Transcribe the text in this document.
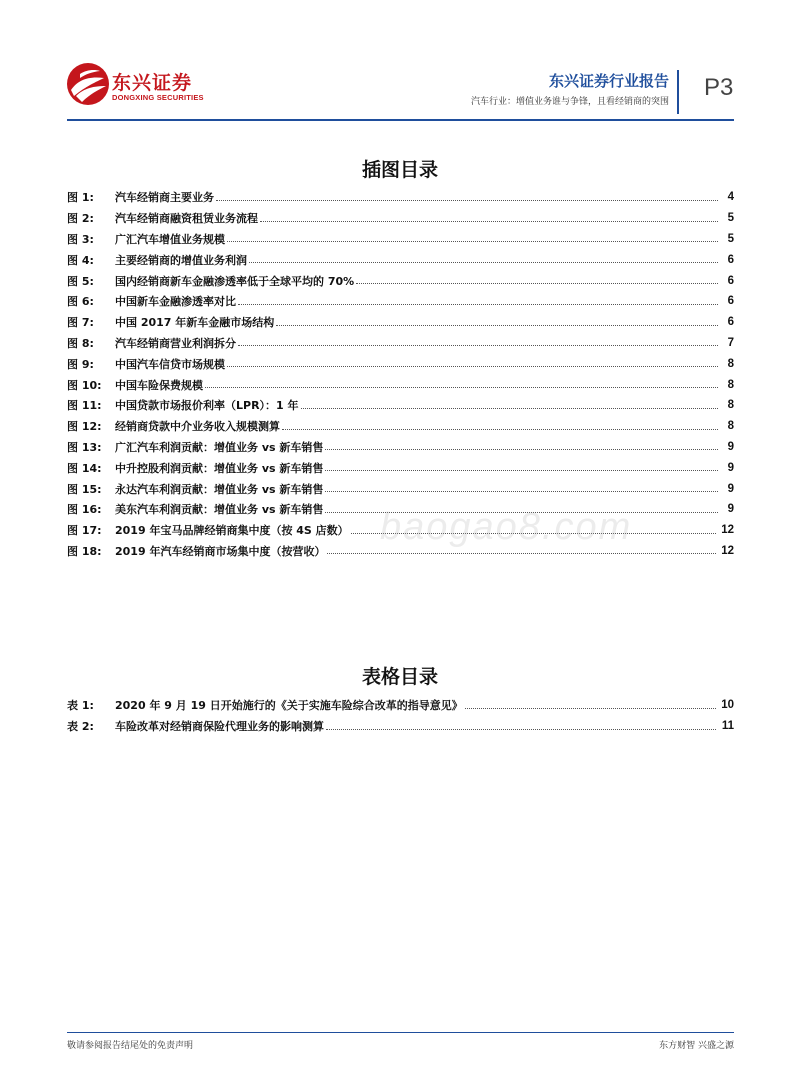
东兴证券
DONGXING SECURITIES
东兴证券行业报告
汽车行业：增值业务谁与争锋，且看经销商的突围
P3
插图目录
图 1:	汽车经销商主要业务	4
图 2:	汽车经销商融资租赁业务流程	5
图 3:	广汇汽车增值业务规模	5
图 4:	主要经销商的增值业务利润	6
图 5:	国内经销商新车金融渗透率低于全球平均的 70%	6
图 6:	中国新车金融渗透率对比	6
图 7:	中国 2017 年新车金融市场结构	6
图 8:	汽车经销商营业利润拆分	7
图 9:	中国汽车信贷市场规模	8
图 10:	中国车险保费规模	8
图 11:	中国贷款市场报价利率（LPR）：1 年	8
图 12:	经销商贷款中介业务收入规模测算	8
图 13:	广汇汽车利润贡献：增值业务 vs 新车销售	9
图 14:	中升控股利润贡献：增值业务 vs 新车销售	9
图 15:	永达汽车利润贡献：增值业务 vs 新车销售	9
图 16:	美东汽车利润贡献：增值业务 vs 新车销售	9
图 17:	2019 年宝马品牌经销商集中度（按 4S 店数）	12
图 18:	2019 年汽车经销商市场集中度（按营收）	12
baogao8.com
表格目录
表 1:	2020 年 9 月 19 日开始施行的《关于实施车险综合改革的指导意见》	10
表 2:	车险改革对经销商保险代理业务的影响测算	11
敬请参阅报告结尾处的免责声明	东方财智 兴盛之源
